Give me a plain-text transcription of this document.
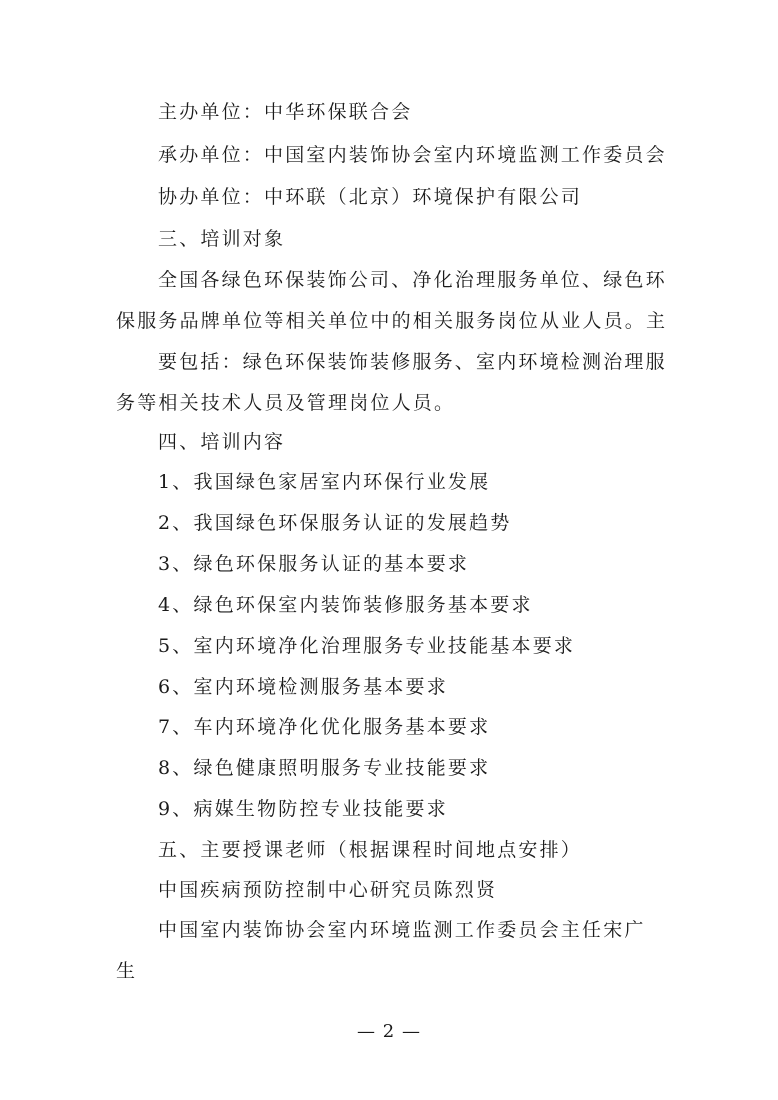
主办单位：中华环保联合会
承办单位：中国室内装饰协会室内环境监测工作委员会
协办单位：中环联（北京）环境保护有限公司
三、培训对象
全国各绿色环保装饰公司、净化治理服务单位、绿色环
保服务品牌单位等相关单位中的相关服务岗位从业人员。主
要包括：绿色环保装饰装修服务、室内环境检测治理服
务等相关技术人员及管理岗位人员。
四、培训内容
1、我国绿色家居室内环保行业发展
2、我国绿色环保服务认证的发展趋势
3、绿色环保服务认证的基本要求
4、绿色环保室内装饰装修服务基本要求
5、室内环境净化治理服务专业技能基本要求
6、室内环境检测服务基本要求
7、车内环境净化优化服务基本要求
8、绿色健康照明服务专业技能要求
9、病媒生物防控专业技能要求
五、主要授课老师（根据课程时间地点安排）
中国疾病预防控制中心研究员陈烈贤
中国室内装饰协会室内环境监测工作委员会主任宋广
生
— 2 —
